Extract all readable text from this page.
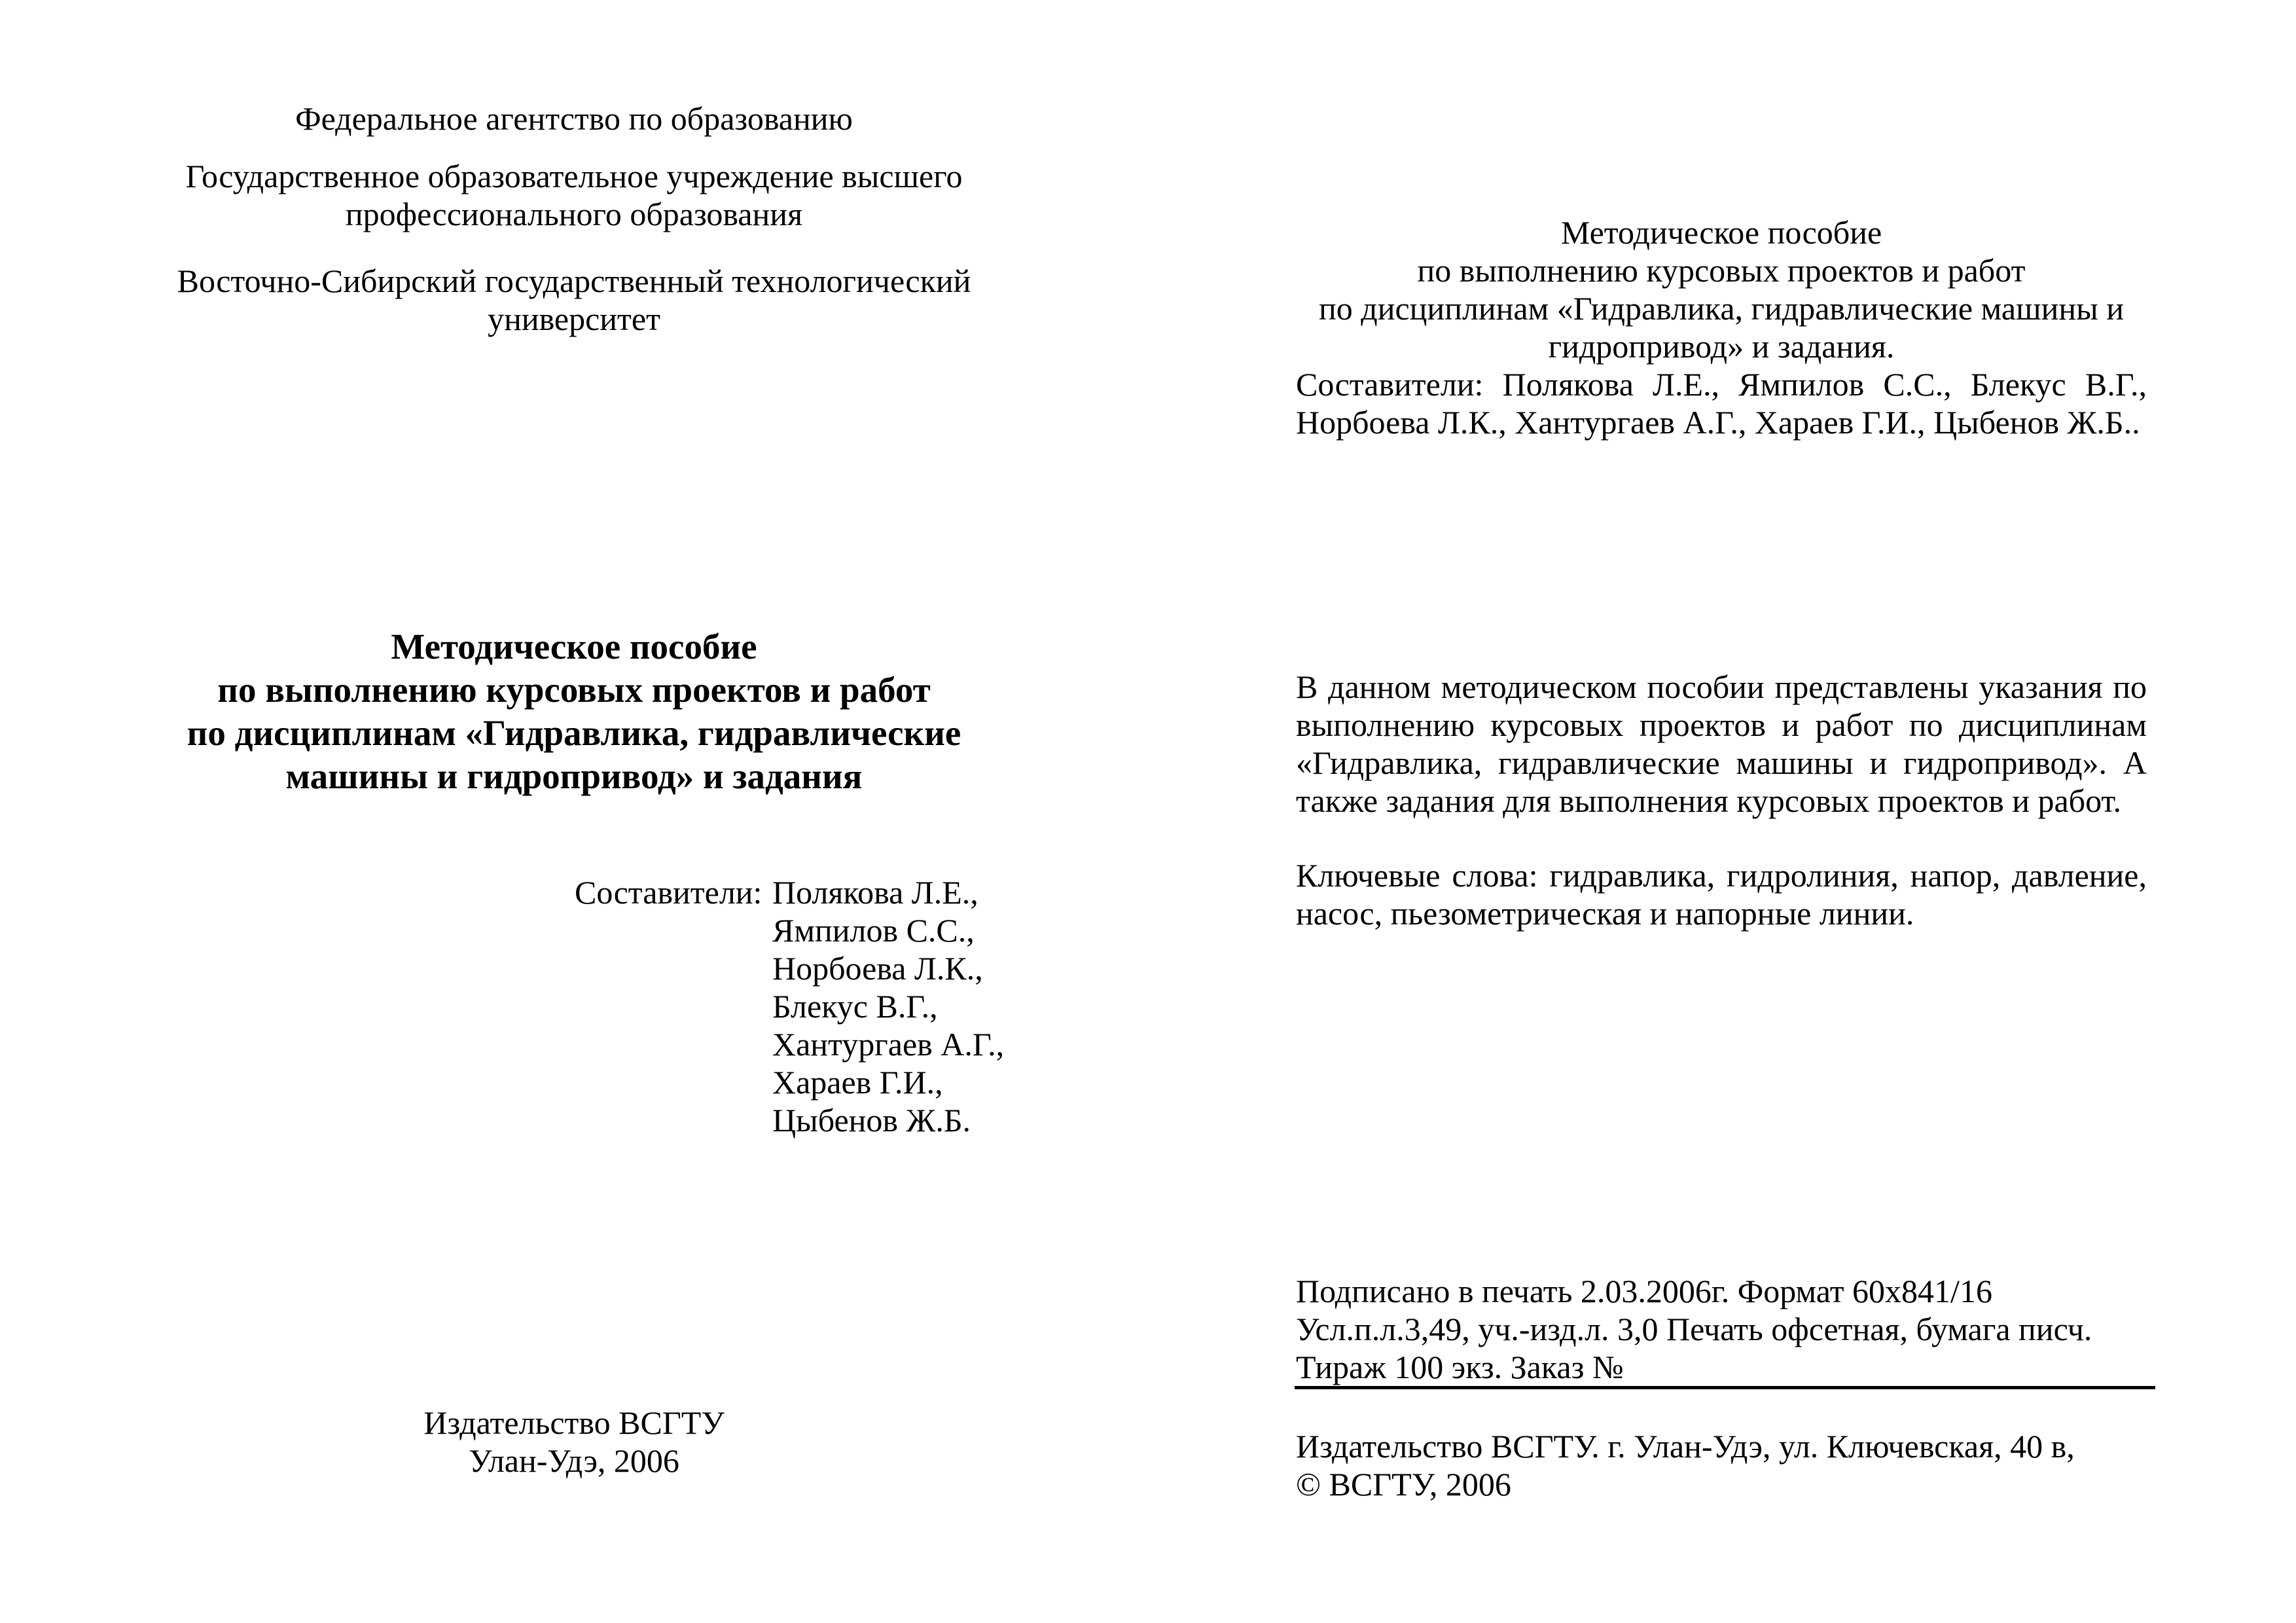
Федеральное агентство по образованию
Государственное образовательное учреждение высшего
профессионального образования
Восточно-Сибирский государственный технологический
университет
Методическое пособие
по выполнению курсовых проектов и работ
по дисциплинам «Гидравлика, гидравлические
машины и гидропривод» и задания
Составители: Полякова Л.Е.,
Ямпилов С.С.,
Норбоева Л.К.,
Блекус В.Г.,
Хантургаев А.Г.,
Хараев Г.И.,
Цыбенов Ж.Б.
Издательство ВСГТУ
Улан-Удэ, 2006
Методическое пособие
по выполнению курсовых проектов и работ
по дисциплинам «Гидравлика, гидравлические машины и
гидропривод» и задания.
Составители: Полякова Л.Е., Ямпилов С.С., Блекус В.Г., Норбоева Л.К., Хантургаев А.Г., Хараев Г.И., Цыбенов Ж.Б..
В данном методическом пособии представлены указания по выполнению курсовых проектов и работ по дисциплинам «Гидравлика, гидравлические машины и гидропривод». А также задания для выполнения курсовых проектов и работ.
Ключевые слова: гидравлика, гидролиния, напор, давление, насос, пьезометрическая и напорные линии.
Подписано в печать 2.03.2006г. Формат 60х841/16
Усл.п.л.3,49, уч.-изд.л. 3,0 Печать офсетная, бумага писч.
Тираж 100 экз. Заказ №
Издательство ВСГТУ. г. Улан-Удэ, ул. Ключевская, 40 в,
© ВСГТУ, 2006
